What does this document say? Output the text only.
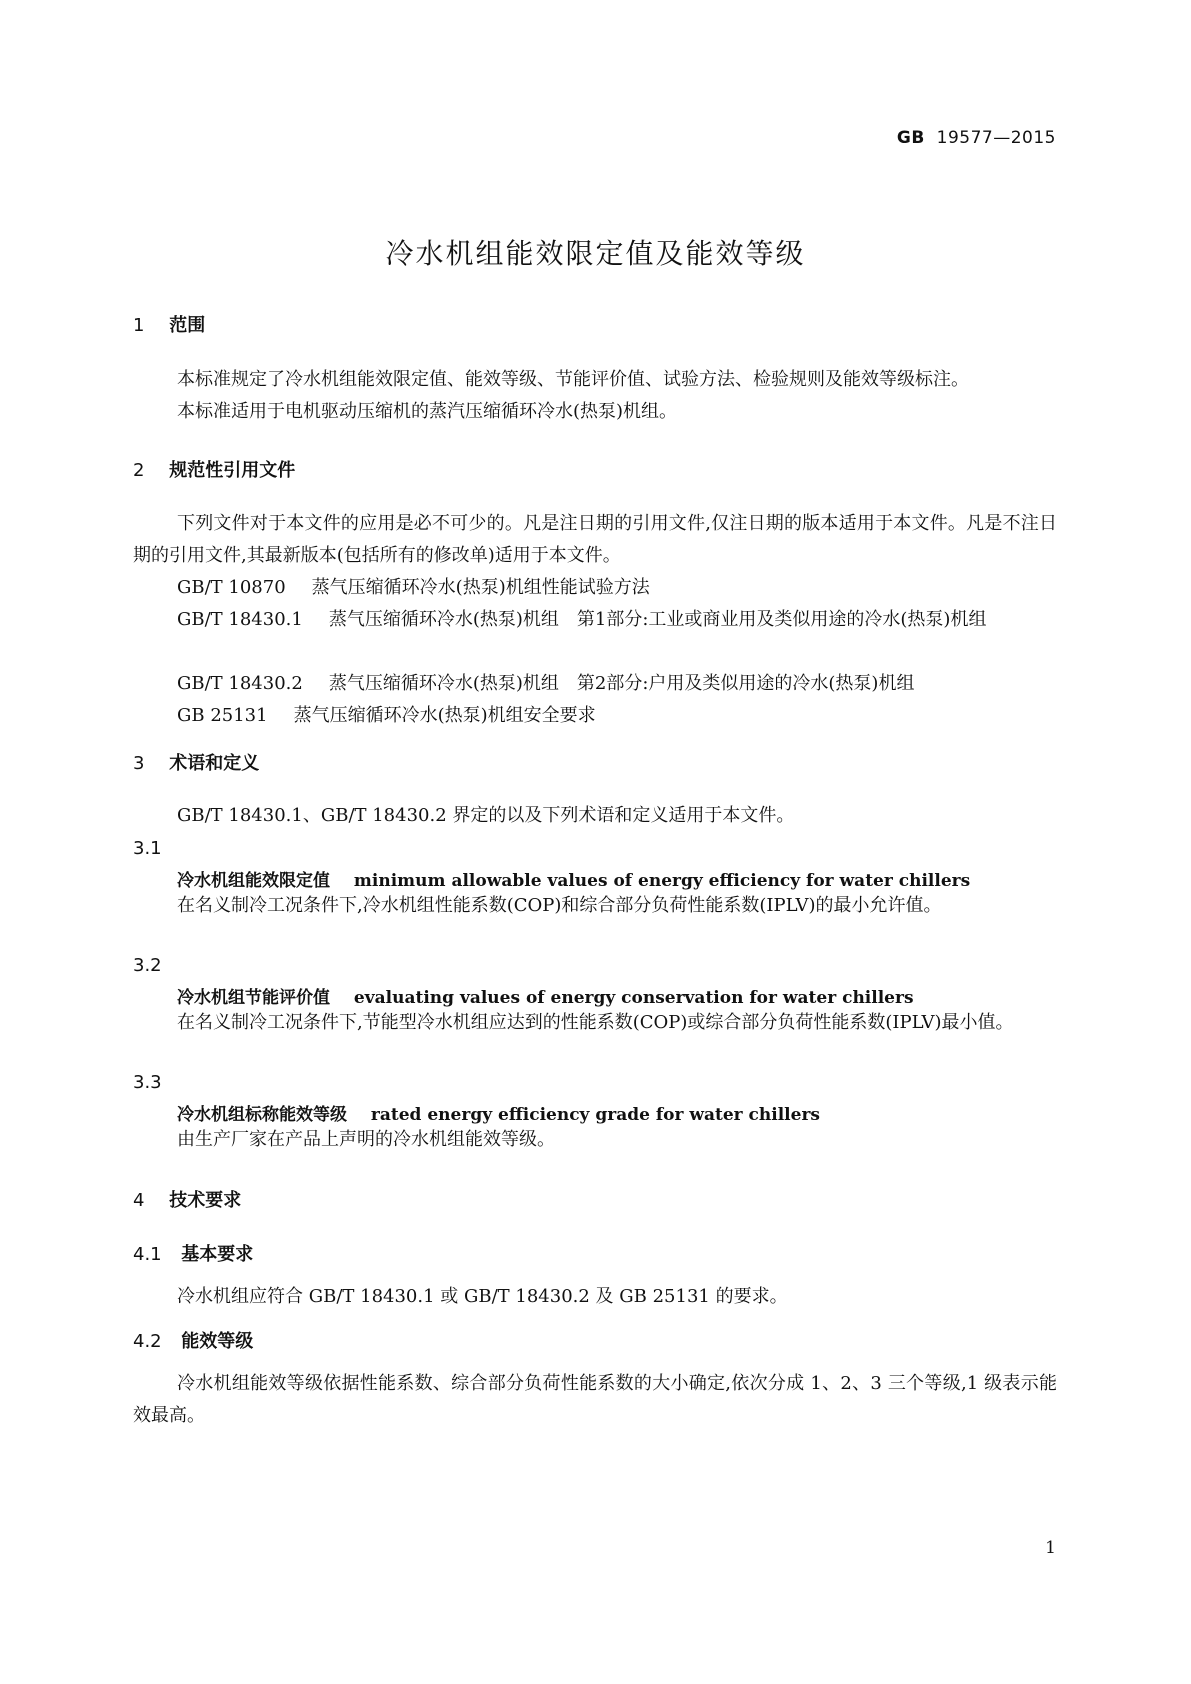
GB 19577—2015
冷水机组能效限定值及能效等级
1 范围
本标准规定了冷水机组能效限定值、能效等级、节能评价值、试验方法、检验规则及能效等级标注。
本标准适用于电机驱动压缩机的蒸汽压缩循环冷水(热泵)机组。
2 规范性引用文件
下列文件对于本文件的应用是必不可少的。凡是注日期的引用文件,仅注日期的版本适用于本文件。凡是不注日期的引用文件,其最新版本(包括所有的修改单)适用于本文件。
GB/T 10870 蒸气压缩循环冷水(热泵)机组性能试验方法
GB/T 18430.1 蒸气压缩循环冷水(热泵)机组　第1部分:工业或商业用及类似用途的冷水(热泵)机组
GB/T 18430.2 蒸气压缩循环冷水(热泵)机组　第2部分:户用及类似用途的冷水(热泵)机组
GB 25131 蒸气压缩循环冷水(热泵)机组安全要求
3 术语和定义
GB/T 18430.1、GB/T 18430.2 界定的以及下列术语和定义适用于本文件。
3.1
冷水机组能效限定值 minimum allowable values of energy efficiency for water chillers
在名义制冷工况条件下,冷水机组性能系数(COP)和综合部分负荷性能系数(IPLV)的最小允许值。
3.2
冷水机组节能评价值 evaluating values of energy conservation for water chillers
在名义制冷工况条件下,节能型冷水机组应达到的性能系数(COP)或综合部分负荷性能系数(IPLV)最小值。
3.3
冷水机组标称能效等级 rated energy efficiency grade for water chillers
由生产厂家在产品上声明的冷水机组能效等级。
4 技术要求
4.1 基本要求
冷水机组应符合 GB/T 18430.1 或 GB/T 18430.2 及 GB 25131 的要求。
4.2 能效等级
冷水机组能效等级依据性能系数、综合部分负荷性能系数的大小确定,依次分成 1、2、3 三个等级,1 级表示能效最高。
1
